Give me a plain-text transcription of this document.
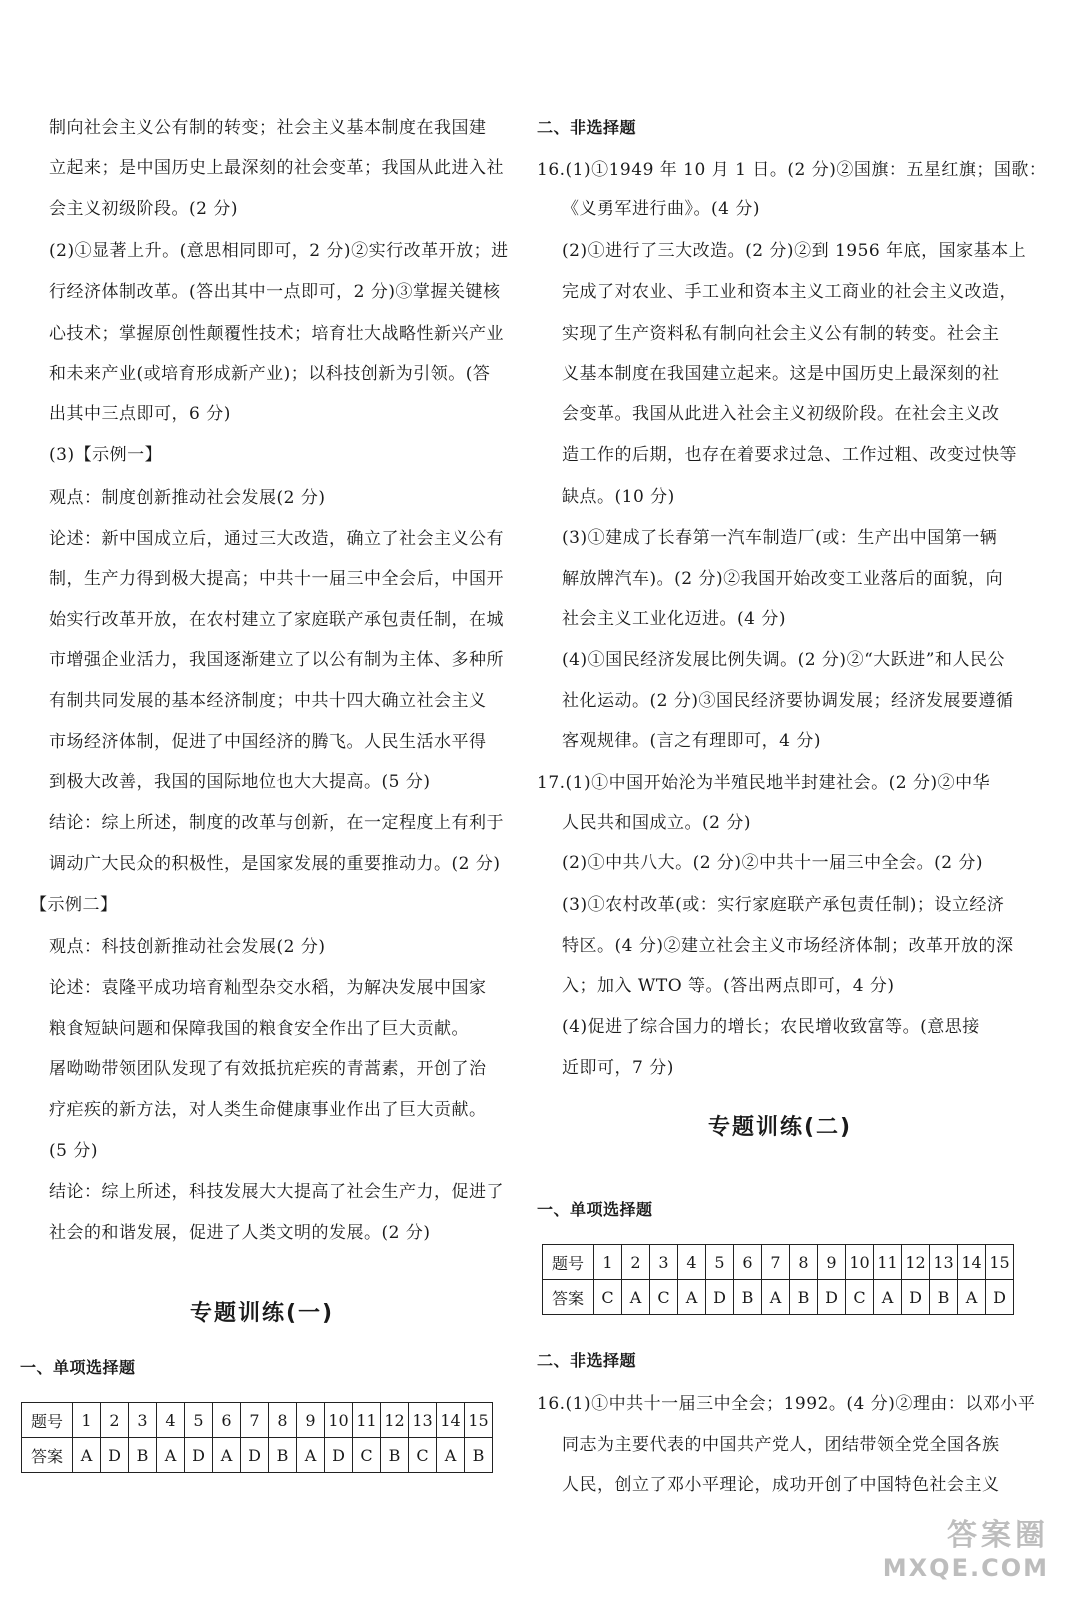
制向社会主义公有制的转变；社会主义基本制度在我国建
立起来；是中国历史上最深刻的社会变革；我国从此进入社
会主义初级阶段。(2 分)
(2)①显著上升。(意思相同即可，2 分)②实行改革开放；进
行经济体制改革。(答出其中一点即可，2 分)③掌握关键核
心技术；掌握原创性颠覆性技术；培育壮大战略性新兴产业
和未来产业(或培育形成新产业)；以科技创新为引领。(答
出其中三点即可，6 分)
(3)【示例一】
观点：制度创新推动社会发展(2 分)
论述：新中国成立后，通过三大改造，确立了社会主义公有
制，生产力得到极大提高；中共十一届三中全会后，中国开
始实行改革开放，在农村建立了家庭联产承包责任制，在城
市增强企业活力，我国逐渐建立了以公有制为主体、多种所
有制共同发展的基本经济制度；中共十四大确立社会主义
市场经济体制，促进了中国经济的腾飞。人民生活水平得
到极大改善，我国的国际地位也大大提高。(5 分)
结论：综上所述，制度的改革与创新，在一定程度上有利于
调动广大民众的积极性，是国家发展的重要推动力。(2 分)
【示例二】
观点：科技创新推动社会发展(2 分)
论述：袁隆平成功培育籼型杂交水稻，为解决发展中国家
粮食短缺问题和保障我国的粮食安全作出了巨大贡献。
屠呦呦带领团队发现了有效抵抗疟疾的青蒿素，开创了治
疗疟疾的新方法，对人类生命健康事业作出了巨大贡献。
(5 分)
结论：综上所述，科技发展大大提高了社会生产力，促进了
社会的和谐发展，促进了人类文明的发展。(2 分)
专题训练(一)
一、单项选择题
题号	1	2	3	4	5	6	7	8	9	10	11	12	13	14	15
答案	A	D	B	A	D	A	D	B	A	D	C	B	C	A	B
二、非选择题
16.(1)①1949 年 10 月 1 日。(2 分)②国旗：五星红旗；国歌：
《义勇军进行曲》。(4 分)
(2)①进行了三大改造。(2 分)②到 1956 年底，国家基本上
完成了对农业、手工业和资本主义工商业的社会主义改造，
实现了生产资料私有制向社会主义公有制的转变。社会主
义基本制度在我国建立起来。这是中国历史上最深刻的社
会变革。我国从此进入社会主义初级阶段。在社会主义改
造工作的后期，也存在着要求过急、工作过粗、改变过快等
缺点。(10 分)
(3)①建成了长春第一汽车制造厂(或：生产出中国第一辆
解放牌汽车)。(2 分)②我国开始改变工业落后的面貌，向
社会主义工业化迈进。(4 分)
(4)①国民经济发展比例失调。(2 分)②“大跃进”和人民公
社化运动。(2 分)③国民经济要协调发展；经济发展要遵循
客观规律。(言之有理即可，4 分)
17.(1)①中国开始沦为半殖民地半封建社会。(2 分)②中华
人民共和国成立。(2 分)
(2)①中共八大。(2 分)②中共十一届三中全会。(2 分)
(3)①农村改革(或：实行家庭联产承包责任制)；设立经济
特区。(4 分)②建立社会主义市场经济体制；改革开放的深
入；加入 WTO 等。(答出两点即可，4 分)
(4)促进了综合国力的增长；农民增收致富等。(意思接
近即可，7 分)
专题训练(二)
一、单项选择题
题号	1	2	3	4	5	6	7	8	9	10	11	12	13	14	15
答案	C	A	C	A	D	B	A	B	D	C	A	D	B	A	D
二、非选择题
16.(1)①中共十一届三中全会；1992。(4 分)②理由：以邓小平
同志为主要代表的中国共产党人，团结带领全党全国各族
人民，创立了邓小平理论，成功开创了中国特色社会主义
答案圈
MXQE.COM
